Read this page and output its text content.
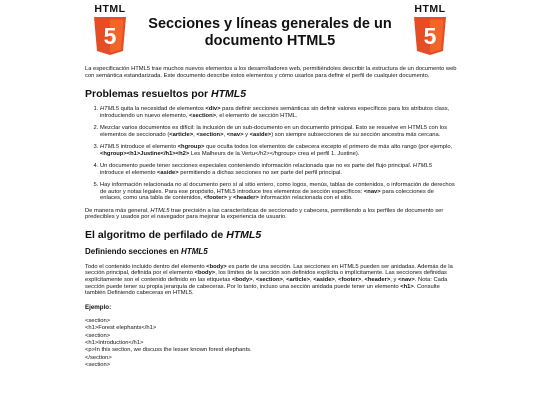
HTML
5	Secciones y líneas generales de un documento HTML5
HTML
5

La especificación HTML5 trae muchos nuevos elementos a los desarrolladores web, permitiéndoles describir la estructura de un documento web con semántica estandarizada. Este documento describe estos elementos y cómo usarlos para definir el perfil de cualquier documento.

Problemas resueltos por HTML5
1. HTML5 quita la necesidad de elementos <div> para definir secciones semánticas sin definir valores específicos para los atributos class, introduciendo un nuevo elemento, <section>, el elemento de sección HTML.
2. Mezclar varios documentos es difícil: la inclusión de un sub-documento en un documento principal. Esto se resuelve en HTML5 con los elementos de seccionado (<article>, <section>, <nav> y <aside>) son siempre subsecciones de su sección ancestra más cercana.
3. HTML5 introduce el elemento <hgroup> que oculta todos los elementos de cabecera excepto el primero de más alto rango (por ejemplo, <hgroup><h1>Justine</h1><h2> Les Malheurs de la Vertu</h2></hgroup> crea el perfil 1. Justine).
4. Un documento puede tener secciones especiales conteniendo información relacionada que no es parte del flujo principal. HTML5 introduce el elemento <aside> permitiendo a dichas secciones no ser parte del perfil principal.
5. Hay información relacionada no al documento pero sí al sitio entero, como logos, menús, tablas de contenidos, o información de derechos de autor y notas legales. Para ese propósito, HTML5 introduce tres elementos de sección específicos: <nav> para colecciones de enlaces, como una tabla de contenidos, <footer> y <header> información relacionada con el sitio.

De manera más general, HTML5 trae precisión a las características de seccionado y cabecera, permitiendo a los perfiles de documento ser predecibles y usados por el navegador para mejorar la experiencia de usuario.

El algoritmo de perfilado de HTML5
Definiendo secciones en HTML5

Todo el contenido incluido dentro del elemento <body> es parte de una sección. Las secciones en HTML5 pueden ser anidadas. Además de la sección principal, definida por el elemento <body>, los límites de la sección son definidos explícita o implícitamente. Las secciones definidas explícitamente son el contenido definido en las etiquetas <body>, <section>, <article>, <aside>, <footer>, <header>, y <nav>. Nota: Cada sección puede tener su propia jerarquía de cabeceras. Por lo tanto, incluso una sección anidada puede tener un elemento <h1>. Consulte también Definiendo cabeceras en HTML5.

Ejemplo:

<section>
<h1>Forest elephants</h1>
<section>
<h1>Introduction</h1>
<p>In this section, we discuss the lesser known forest elephants.
</section>
<section>
